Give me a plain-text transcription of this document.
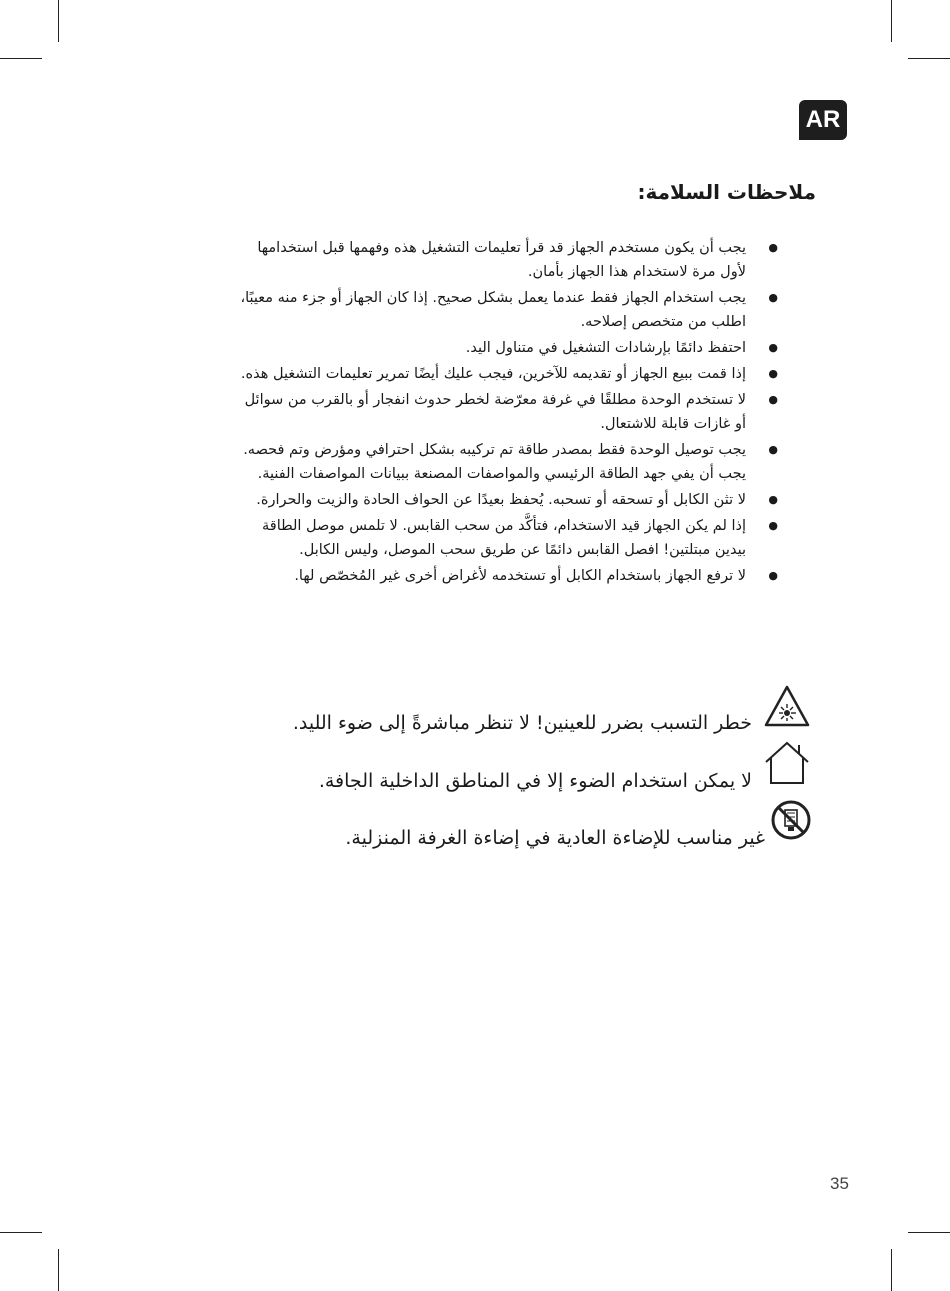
AR
ملاحظات السلامة:
● يجب أن يكون مستخدم الجهاز قد قرأ تعليمات التشغيل هذه وفهمها قبل استخدامها لأول مرة لاستخدام هذا الجهاز بأمان.
● يجب استخدام الجهاز فقط عندما يعمل بشكل صحيح. إذا كان الجهاز أو جزء منه معيبًا، اطلب من متخصص إصلاحه.
● احتفظ دائمًا بإرشادات التشغيل في متناول اليد.
● إذا قمت ببيع الجهاز أو تقديمه للآخرين، فيجب عليك أيضًا تمرير تعليمات التشغيل هذه.
● لا تستخدم الوحدة مطلقًا في غرفة معرّضة لخطر حدوث انفجار أو بالقرب من سوائل أو غازات قابلة للاشتعال.
● يجب توصيل الوحدة فقط بمصدر طاقة تم تركيبه بشكل احترافي ومؤرض وتم فحصه. يجب أن يفي جهد الطاقة الرئيسي والمواصفات المصنعة ببيانات المواصفات الفنية.
● لا تثن الكابل أو تسحقه أو تسحبه. يُحفظ بعيدًا عن الحواف الحادة والزيت والحرارة.
● إذا لم يكن الجهاز قيد الاستخدام، فتأكَّد من سحب القابس. لا تلمس موصل الطاقة بيدين مبتلتين! افصل القابس دائمًا عن طريق سحب الموصل، وليس الكابل.
● لا ترفع الجهاز باستخدام الكابل أو تستخدمه لأغراض أخرى غير المُخصّص لها.
خطر التسبب بضرر للعينين! لا تنظر مباشرةً إلى ضوء الليد.
لا يمكن استخدام الضوء إلا في المناطق الداخلية الجافة.
غير مناسب للإضاءة العادية في إضاءة الغرفة المنزلية.
35
